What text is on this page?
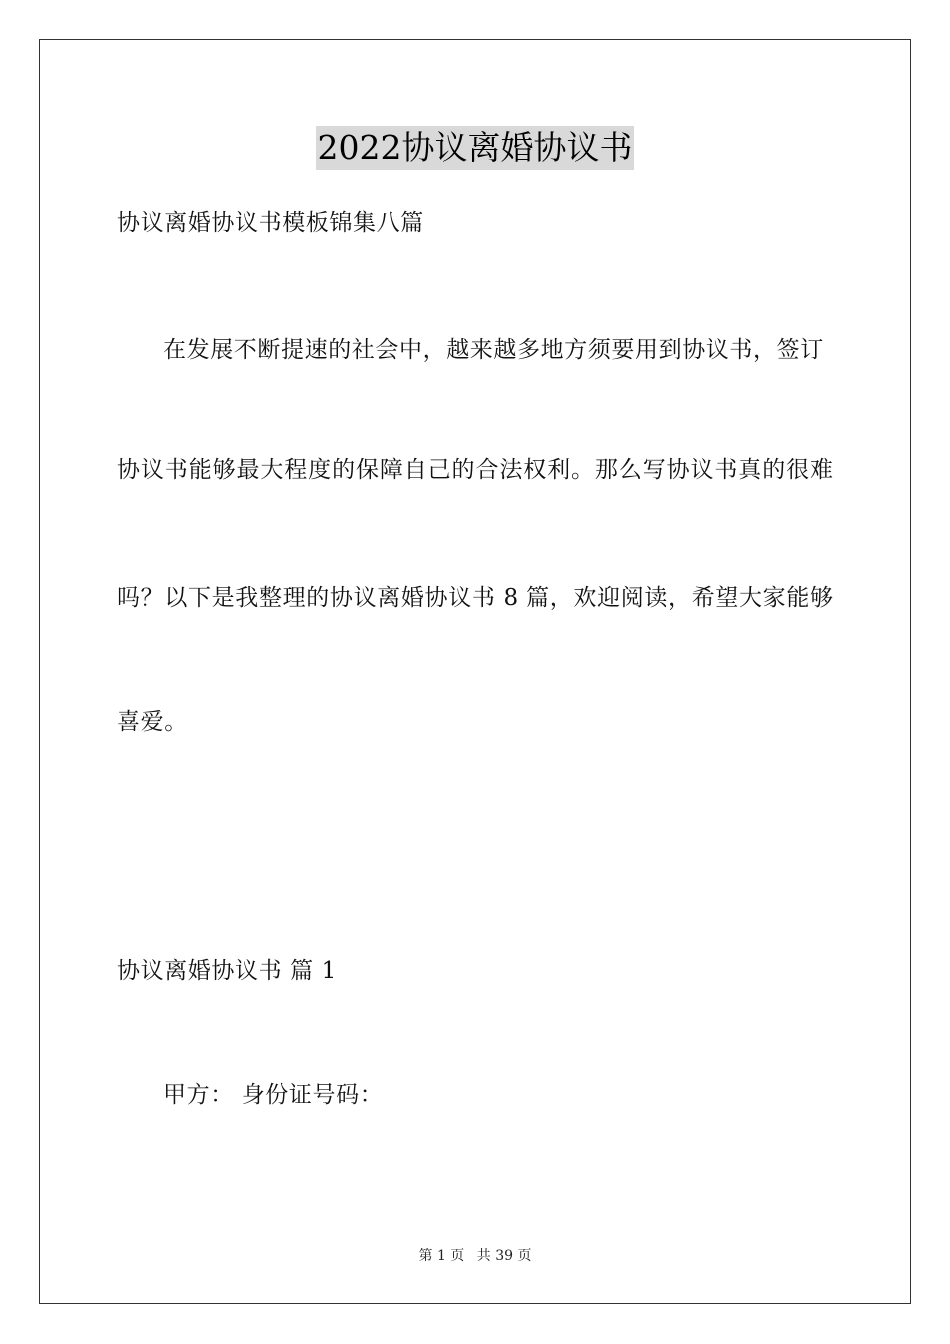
2022协议离婚协议书
协议离婚协议书模板锦集八篇
在发展不断提速的社会中，越来越多地方须要用到协议书，签订
协议书能够最大程度的保障自己的合法权利。那么写协议书真的很难
吗？以下是我整理的协议离婚协议书 8 篇，欢迎阅读，希望大家能够
喜爱。
协议离婚协议书 篇 1
甲方： 身份证号码：
第 1 页 共 39 页
